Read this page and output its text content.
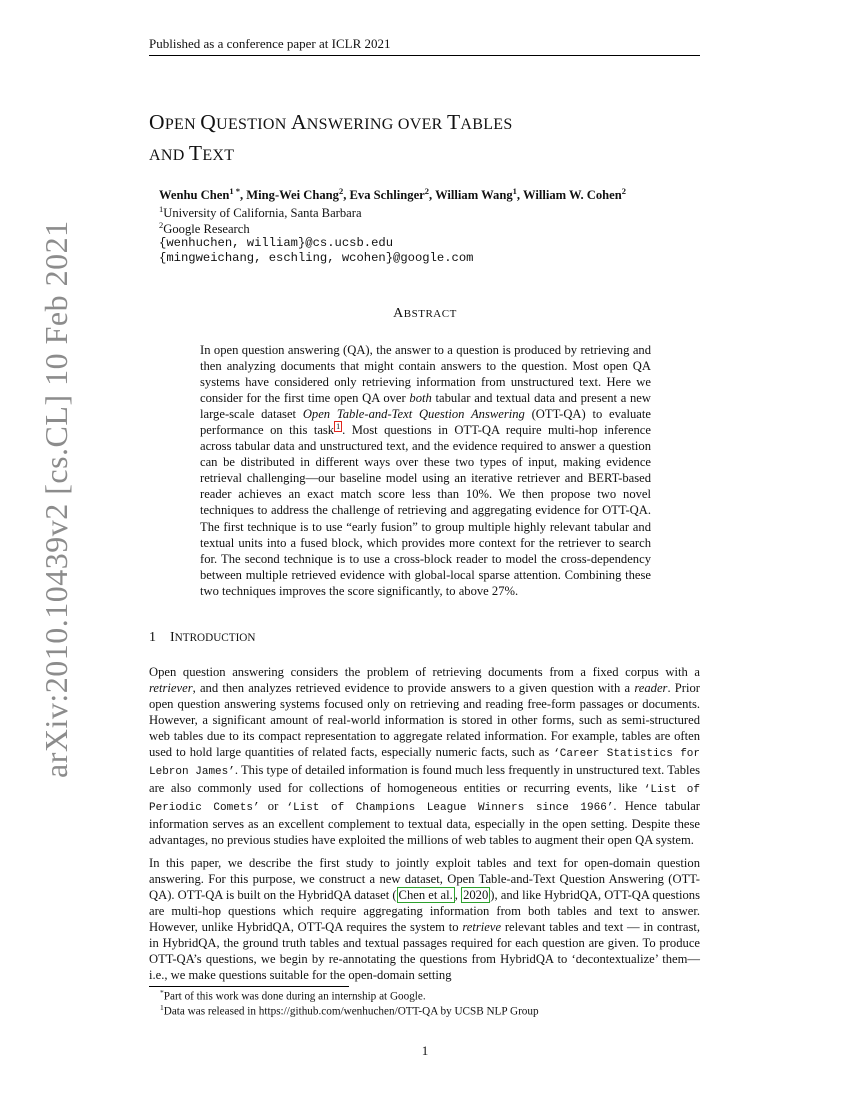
Published as a conference paper at ICLR 2021
OPEN QUESTION ANSWERING OVER TABLES
AND TEXT
Wenhu Chen$^{1 *}$, Ming-Wei Chang$^2$, Eva Schlinger$^2$, William Wang$^1$, William W. Cohen$^2$
$^1$University of California, Santa Barbara
$^2$Google Research
{wenhuchen, william}@cs.ucsb.edu
{mingweichang, eschling, wcohen}@google.com
ABSTRACT
In open question answering (QA), the answer to a question is produced by retrieving and then analyzing documents that might contain answers to the question. Most open QA systems have considered only retrieving information from unstructured text. Here we consider for the first time open QA over both tabular and textual data and present a new large-scale dataset Open Table-and-Text Question Answering (OTT-QA) to evaluate performance on this task $^1$ . Most questions in OTT-QA require multi-hop inference across tabular data and unstructured text, and the evidence required to answer a question can be distributed in different ways over these two types of input, making evidence retrieval challenging—our baseline model using an iterative retriever and BERT-based reader achieves an exact match score less than 10%. We then propose two novel techniques to address the challenge of retrieving and aggregating evidence for OTT-QA. The first technique is to use “early fusion” to group multiple highly relevant tabular and textual units into a fused block, which provides more context for the retriever to search for. The second technique is to use a cross-block reader to model the cross-dependency between multiple retrieved evidence with global-local sparse attention. Combining these two techniques improves the score significantly, to above 27%.
1 INTRODUCTION
Open question answering considers the problem of retrieving documents from a fixed corpus with a retriever, and then analyzes retrieved evidence to provide answers to a given question with a reader. Prior open question answering systems focused only on retrieving and reading free-form passages or documents. However, a significant amount of real-world information is stored in other forms, such as semi-structured web tables due to its compact representation to aggregate related information. For example, tables are often used to hold large quantities of related facts, especially numeric facts, such as ‘Career Statistics for Lebron James’. This type of detailed information is found much less frequently in unstructured text. Tables are also commonly used for collections of homogeneous entities or recurring events, like ‘List of Periodic Comets’ or ‘List of Champions League Winners since 1966’. Hence tabular information serves as an excellent complement to textual data, especially in the open setting. Despite these advantages, no previous studies have exploited the millions of web tables to augment their open QA system.
In this paper, we describe the first study to jointly exploit tables and text for open-domain question answering. For this purpose, we construct a new dataset, Open Table-and-Text Question Answering (OTT-QA). OTT-QA is built on the HybridQA dataset ( Chen et al. , 2020 ), and like HybridQA, OTT-QA questions are multi-hop questions which require aggregating information from both tables and text to answer. However, unlike HybridQA, OTT-QA requires the system to retrieve relevant tables and text — in contrast, in HybridQA, the ground truth tables and textual passages required for each question are given. To produce OTT-QA’s questions, we begin by re-annotating the questions from HybridQA to ‘decontextualize’ them—i.e., we make questions suitable for the open-domain setting
*Part of this work was done during an internship at Google.
$^1$Data was released in https://github.com/wenhuchen/OTT-QA by UCSB NLP Group
1
arXiv:2010.10439v2 [cs.CL] 10 Feb 2021
